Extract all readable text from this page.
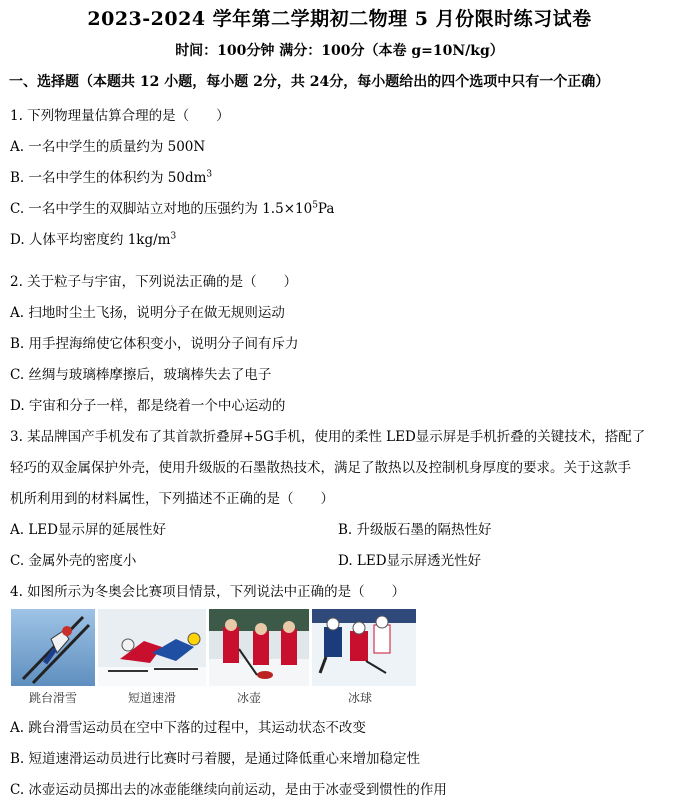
2023-2024 学年第二学期初二物理 5 月份限时练习试卷
时间：100分钟 满分：100分（本卷 g=10N/kg）
一、选择题（本题共 12 小题，每小题 2分，共 24分，每小题给出的四个选项中只有一个正确）
1. 下列物理量估算合理的是（　　）
A. 一名中学生的质量约为 500N
B. 一名中学生的体积约为 $50dm^3$
C. 一名中学生的双脚站立对地的压强约为 $1.5\times 10^5Pa$
D. 人体平均密度约 $1kg/m^3$
2. 关于粒子与宇宙，下列说法正确的是（　　）
A. 扫地时尘土飞扬，说明分子在做无规则运动
B. 用手捏海绵使它体积变小，说明分子间有斥力
C. 丝绸与玻璃棒摩擦后，玻璃棒失去了电子
D. 宇宙和分子一样，都是绕着一个中心运动的
3. 某品牌国产手机发布了其首款折叠屏+5G手机，使用的柔性 LED显示屏是手机折叠的关键技术，搭配了
轻巧的双金属保护外壳，使用升级版的石墨散热技术，满足了散热以及控制机身厚度的要求。关于这款手
机所利用到的材料属性，下列描述不正确的是（　　）
A. LED显示屏的延展性好	B. 升级版石墨的隔热性好
C. 金属外壳的密度小	D. LED显示屏透光性好
4. 如图所示为冬奥会比赛项目情景，下列说法中正确的是（　　）
跳台滑雪	短道速滑	冰壶	冰球
A. 跳台滑雪运动员在空中下落的过程中，其运动状态不改变
B. 短道速滑运动员进行比赛时弓着腰，是通过降低重心来增加稳定性
C. 冰壶运动员掷出去的冰壶能继续向前运动，是由于冰壶受到惯性的作用
